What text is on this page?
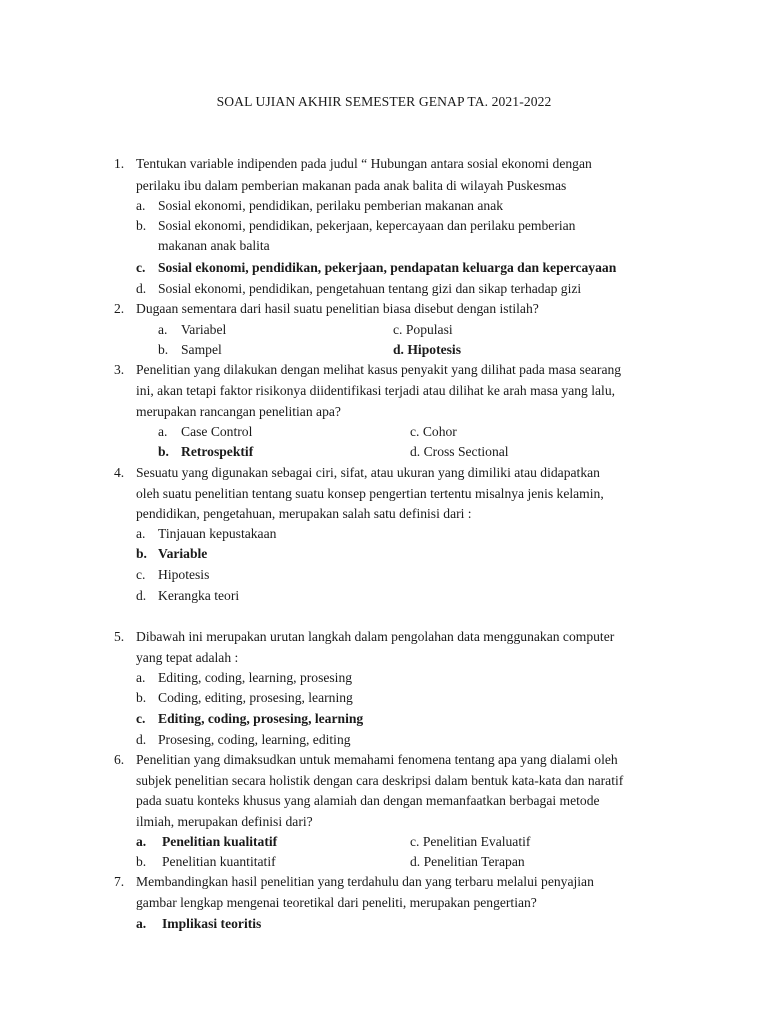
SOAL UJIAN AKHIR SEMESTER GENAP TA. 2021-2022
1. Tentukan variable indipenden pada judul “ Hubungan antara sosial ekonomi dengan
perilaku ibu dalam pemberian makanan pada anak balita di wilayah Puskesmas
a. Sosial ekonomi, pendidikan, perilaku pemberian makanan anak
b. Sosial ekonomi, pendidikan, pekerjaan, kepercayaan dan perilaku pemberian
makanan anak balita
c. Sosial ekonomi, pendidikan, pekerjaan, pendapatan keluarga dan kepercayaan
d. Sosial ekonomi, pendidikan, pengetahuan tentang gizi dan sikap terhadap gizi
2. Dugaan sementara dari hasil suatu penelitian biasa disebut dengan istilah?
a. Variabel	c. Populasi
b. Sampel	d. Hipotesis
3. Penelitian yang dilakukan dengan melihat kasus penyakit yang dilihat pada masa searang
ini, akan tetapi faktor risikonya diidentifikasi terjadi atau dilihat ke arah masa yang lalu,
merupakan rancangan penelitian apa?
a. Case Control	c. Cohor
b. Retrospektif	d. Cross Sectional
4. Sesuatu yang digunakan sebagai ciri, sifat, atau ukuran yang dimiliki atau didapatkan
oleh suatu penelitian tentang suatu konsep pengertian tertentu misalnya jenis kelamin,
pendidikan, pengetahuan, merupakan salah satu definisi dari :
a. Tinjauan kepustakaan
b. Variable
c. Hipotesis
d. Kerangka teori
5. Dibawah ini merupakan urutan langkah dalam pengolahan data menggunakan computer
yang tepat adalah :
a. Editing, coding, learning, prosesing
b. Coding, editing, prosesing, learning
c. Editing, coding, prosesing, learning
d. Prosesing, coding, learning, editing
6. Penelitian yang dimaksudkan untuk memahami fenomena tentang apa yang dialami oleh
subjek penelitian secara holistik dengan cara deskripsi dalam bentuk kata-kata dan naratif
pada suatu konteks khusus yang alamiah dan dengan memanfaatkan berbagai metode
ilmiah, merupakan definisi dari?
a. Penelitian kualitatif	c. Penelitian Evaluatif
b. Penelitian kuantitatif	d. Penelitian Terapan
7. Membandingkan hasil penelitian yang terdahulu dan yang terbaru melalui penyajian
gambar lengkap mengenai teoretikal dari peneliti, merupakan pengertian?
a. Implikasi teoritis
